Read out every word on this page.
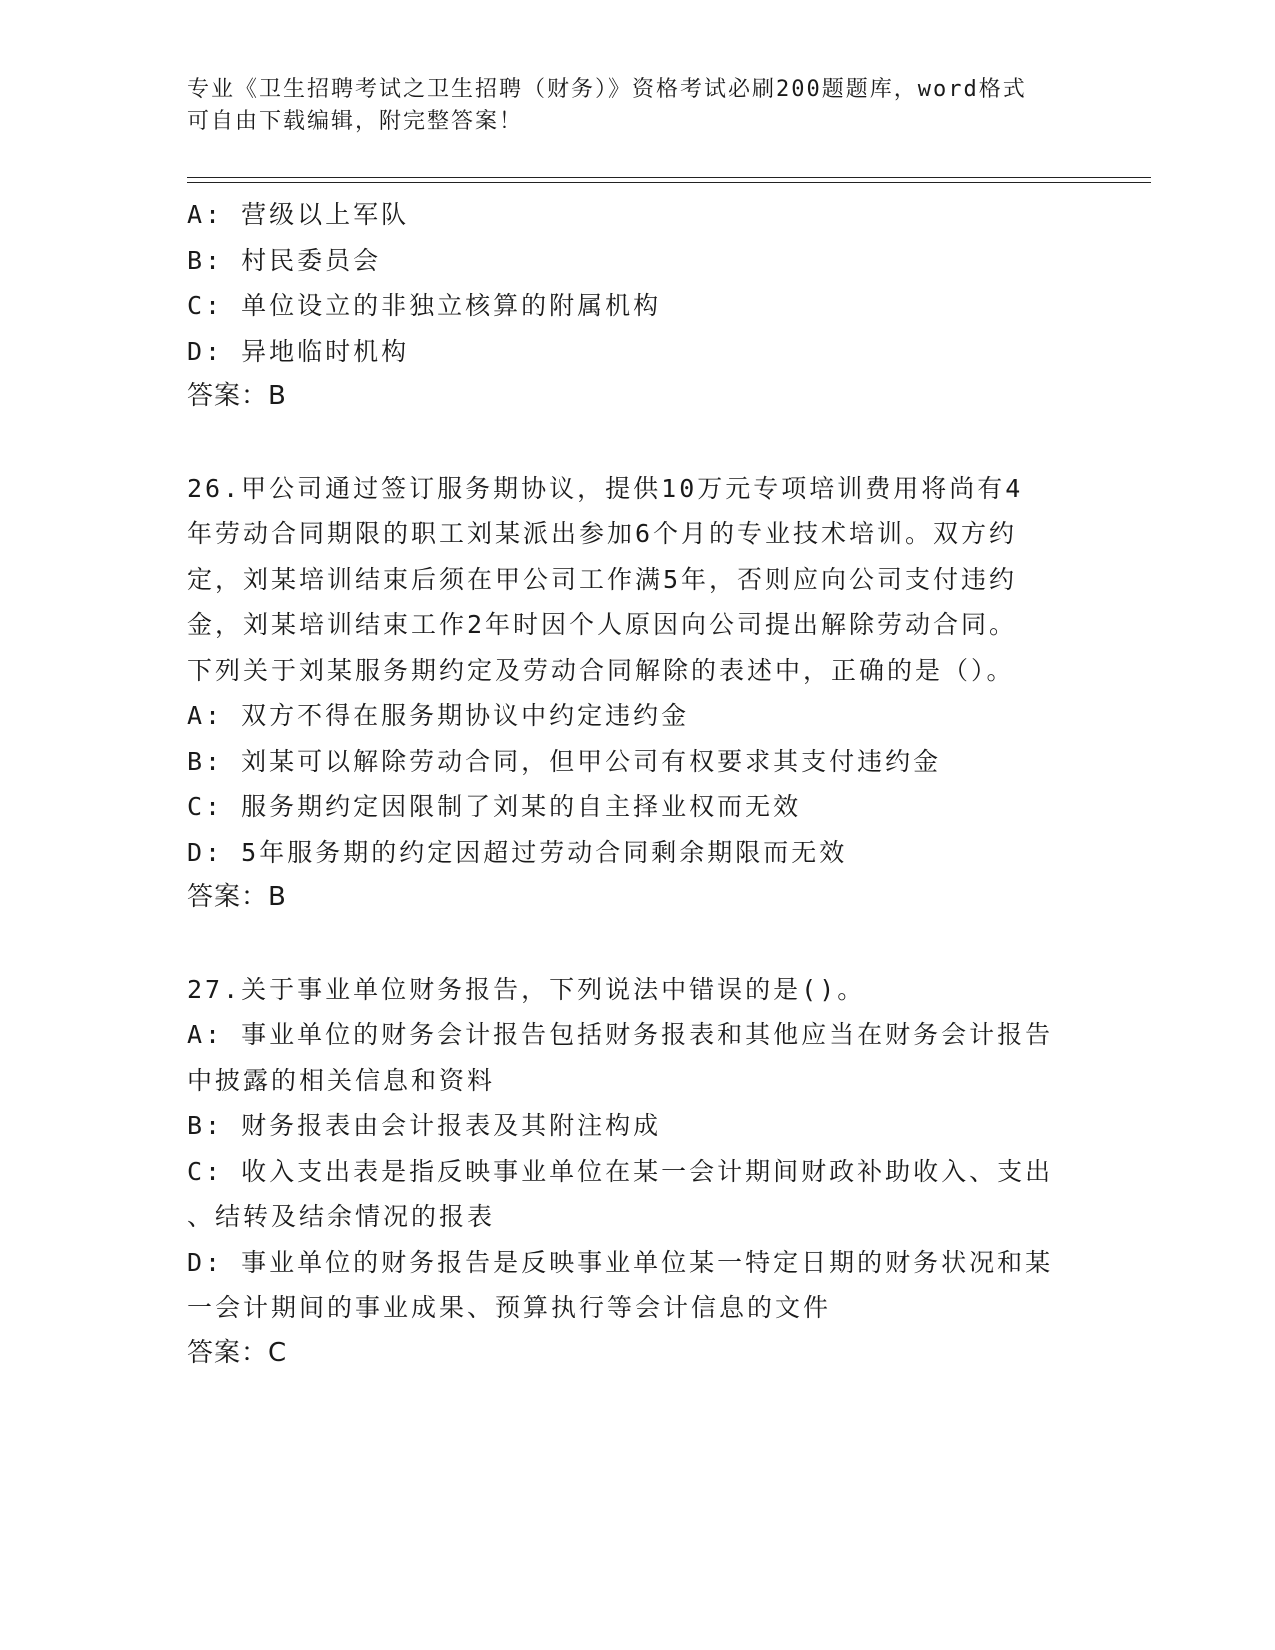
专业《卫生招聘考试之卫生招聘（财务）》资格考试必刷200题题库，word格式
可自由下载编辑，附完整答案！
A: 营级以上军队
B: 村民委员会
C: 单位设立的非独立核算的附属机构
D: 异地临时机构
答案：B
26.甲公司通过签订服务期协议，提供10万元专项培训费用将尚有4
年劳动合同期限的职工刘某派出参加6个月的专业技术培训。双方约
定，刘某培训结束后须在甲公司工作满5年，否则应向公司支付违约
金，刘某培训结束工作2年时因个人原因向公司提出解除劳动合同。
下列关于刘某服务期约定及劳动合同解除的表述中，正确的是（）。
A: 双方不得在服务期协议中约定违约金
B: 刘某可以解除劳动合同，但甲公司有权要求其支付违约金
C: 服务期约定因限制了刘某的自主择业权而无效
D: 5年服务期的约定因超过劳动合同剩余期限而无效
答案：B
27.关于事业单位财务报告，下列说法中错误的是()。
A: 事业单位的财务会计报告包括财务报表和其他应当在财务会计报告
中披露的相关信息和资料
B: 财务报表由会计报表及其附注构成
C: 收入支出表是指反映事业单位在某一会计期间财政补助收入、支出
、结转及结余情况的报表
D: 事业单位的财务报告是反映事业单位某一特定日期的财务状况和某
一会计期间的事业成果、预算执行等会计信息的文件
答案：C
